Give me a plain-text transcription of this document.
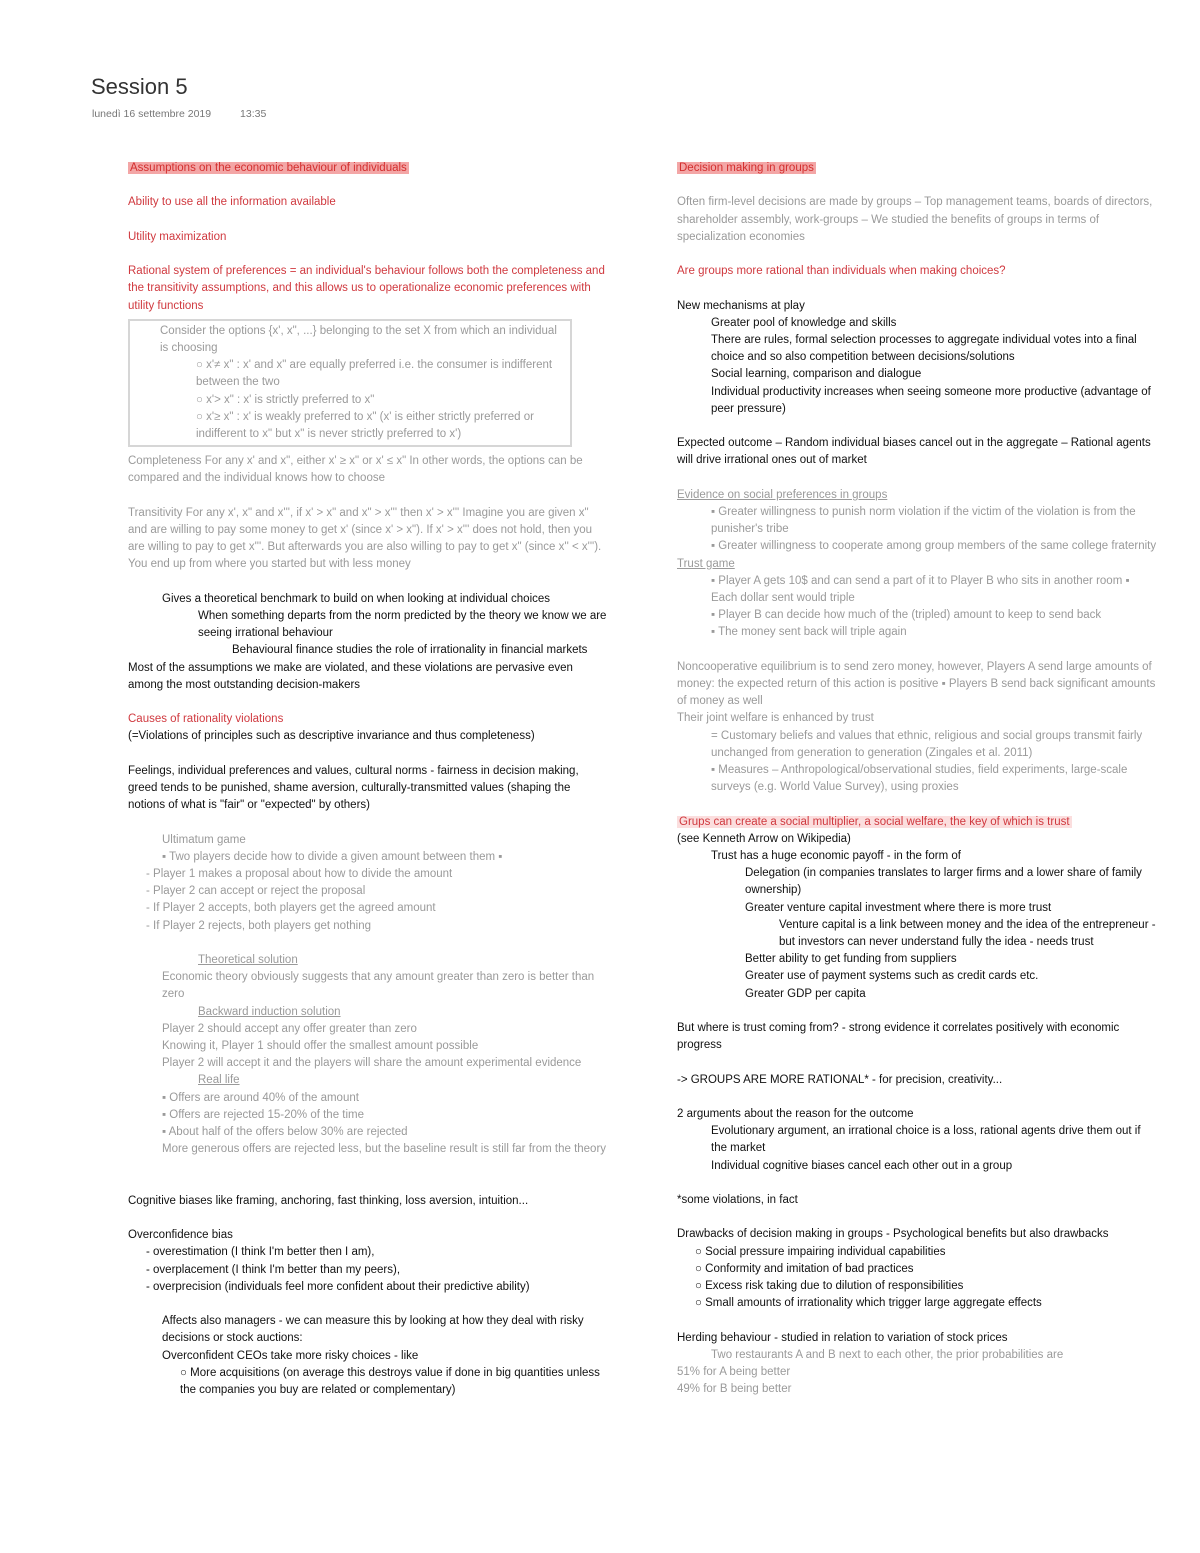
Session 5
lunedì 16 settembre 2019	13:35
Assumptions on the economic behaviour of individuals
Ability to use all the information available
Utility maximization
Rational system of preferences = an individual's behaviour follows both the completeness and the transitivity assumptions, and this allows us to operationalize economic preferences with utility functions
Consider the options {x', x", ...} belonging to the set X from which an individual is choosing
○ x'≠ x" : x' and x" are equally preferred i.e. the consumer is indifferent between the two
○ x'> x" : x' is strictly preferred to x"
○ x'≥ x" : x' is weakly preferred to x" (x' is either strictly preferred or indifferent to x" but x" is never strictly preferred to x')
Completeness For any x' and x", either x' ≥ x" or x' ≤ x" In other words, the options can be compared and the individual knows how to choose
Transitivity For any x', x" and x''', if x' > x" and x" > x''' then x' > x''' Imagine you are given x" and are willing to pay some money to get x' (since x' > x"). If x' > x''' does not hold, then you are willing to pay to get x'''. But afterwards you are also willing to pay to get x" (since x'' < x'''). You end up from where you started but with less money
Gives a theoretical benchmark to build on when looking at individual choices
When something departs from the norm predicted by the theory we know we are seeing irrational behaviour
Behavioural finance studies the role of irrationality in financial markets
Most of the assumptions we make are violated, and these violations are pervasive even among the most outstanding decision-makers
Causes of rationality violations
(=Violations of principles such as descriptive invariance and thus completeness)
Feelings, individual preferences and values, cultural norms - fairness in decision making, greed tends to be punished, shame aversion, culturally-transmitted values (shaping the notions of what is "fair" or "expected" by others)
Ultimatum game
▪ Two players decide how to divide a given amount between them ▪
- Player 1 makes a proposal about how to divide the amount
- Player 2 can accept or reject the proposal
- If Player 2 accepts, both players get the agreed amount
- If Player 2 rejects, both players get nothing
Theoretical solution
Economic theory obviously suggests that any amount greater than zero is better than zero
Backward induction solution
Player 2 should accept any offer greater than zero
Knowing it, Player 1 should offer the smallest amount possible
Player 2 will accept it and the players will share the amount experimental evidence
Real life
▪ Offers are around 40% of the amount
▪ Offers are rejected 15-20% of the time
▪ About half of the offers below 30% are rejected
More generous offers are rejected less, but the baseline result is still far from the theory
Cognitive biases like framing, anchoring, fast thinking, loss aversion, intuition...
Overconfidence bias
- overestimation (I think I'm better then I am),
- overplacement (I think I'm better than my peers),
- overprecision (individuals feel more confident about their predictive ability)
Affects also managers - we can measure this by looking at how they deal with risky decisions or stock auctions:
Overconfident CEOs take more risky choices - like
○ More acquisitions (on average this destroys value if done in big quantities unless the companies you buy are related or complementary)
Decision making in groups
Often firm-level decisions are made by groups – Top management teams, boards of directors, shareholder assembly, work-groups – We studied the benefits of groups in terms of specialization economies
Are groups more rational than individuals when making choices?
New mechanisms at play
Greater pool of knowledge and skills
There are rules, formal selection processes to aggregate individual votes into a final choice and so also competition between decisions/solutions
Social learning, comparison and dialogue
Individual productivity increases when seeing someone more productive (advantage of peer pressure)
Expected outcome – Random individual biases cancel out in the aggregate – Rational agents will drive irrational ones out of market
Evidence on social preferences in groups
▪ Greater willingness to punish norm violation if the victim of the violation is from the punisher's tribe
▪ Greater willingness to cooperate among group members of the same college fraternity
Trust game
▪ Player A gets 10$ and can send a part of it to Player B who sits in another room ▪ Each dollar sent would triple
▪ Player B can decide how much of the (tripled) amount to keep to send back
▪ The money sent back will triple again
Noncooperative equilibrium is to send zero money, however, Players A send large amounts of money: the expected return of this action is positive ▪ Players B send back significant amounts of money as well
Their joint welfare is enhanced by trust
= Customary beliefs and values that ethnic, religious and social groups transmit fairly unchanged from generation to generation (Zingales et al. 2011)
▪ Measures – Anthropological/observational studies, field experiments, large-scale surveys (e.g. World Value Survey), using proxies
Grups can create a social multiplier, a social welfare, the key of which is trust
(see Kenneth Arrow on Wikipedia)
Trust has a huge economic payoff - in the form of
Delegation (in companies translates to larger firms and a lower share of family ownership)
Greater venture capital investment where there is more trust
Venture capital is a link between money and the idea of the entrepreneur - but investors can never understand fully the idea - needs trust
Better ability to get funding from suppliers
Greater use of payment systems such as credit cards etc.
Greater GDP per capita
But where is trust coming from? - strong evidence it correlates positively with economic progress
-> GROUPS ARE MORE RATIONAL* - for precision, creativity...
2 arguments about the reason for the outcome
Evolutionary argument, an irrational choice is a loss, rational agents drive them out if the market
Individual cognitive biases cancel each other out in a group
*some violations, in fact
Drawbacks of decision making in groups - Psychological benefits but also drawbacks
○ Social pressure impairing individual capabilities
○ Conformity and imitation of bad practices
○ Excess risk taking due to dilution of responsibilities
○ Small amounts of irrationality which trigger large aggregate effects
Herding behaviour - studied in relation to variation of stock prices
Two restaurants A and B next to each other, the prior probabilities are
51% for A being better
49% for B being better
